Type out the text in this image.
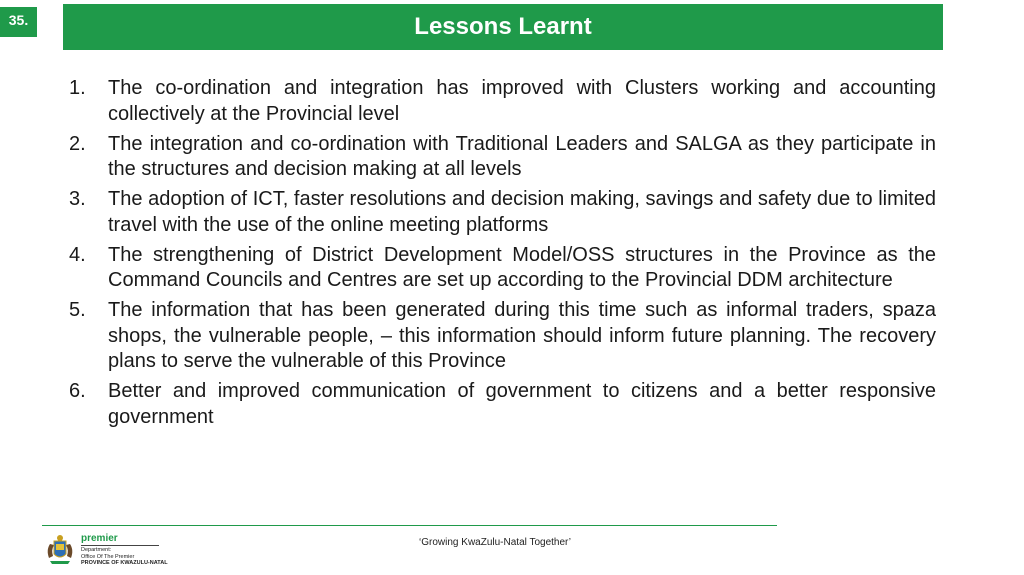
35.	Lessons Learnt
1. The co-ordination and integration has improved with Clusters working and accounting collectively at the Provincial level
2. The integration and co-ordination with Traditional Leaders and SALGA as they participate in the structures and decision making at all levels
3. The adoption of ICT, faster resolutions and decision making, savings and safety due to limited travel with the use of the online meeting platforms
4. The strengthening of District Development Model/OSS structures in the Province as the Command Councils and Centres are set up according to the Provincial DDM architecture
5. The information that has been generated during this time such as informal traders, spaza shops, the vulnerable people, – this information should inform future planning. The recovery plans to serve the vulnerable of this Province
6. Better and improved communication of government to citizens and a better responsive government
premier
Department:
Office Of The Premier
PROVINCE OF KWAZULU-NATAL
‘Growing KwaZulu-Natal Together’
